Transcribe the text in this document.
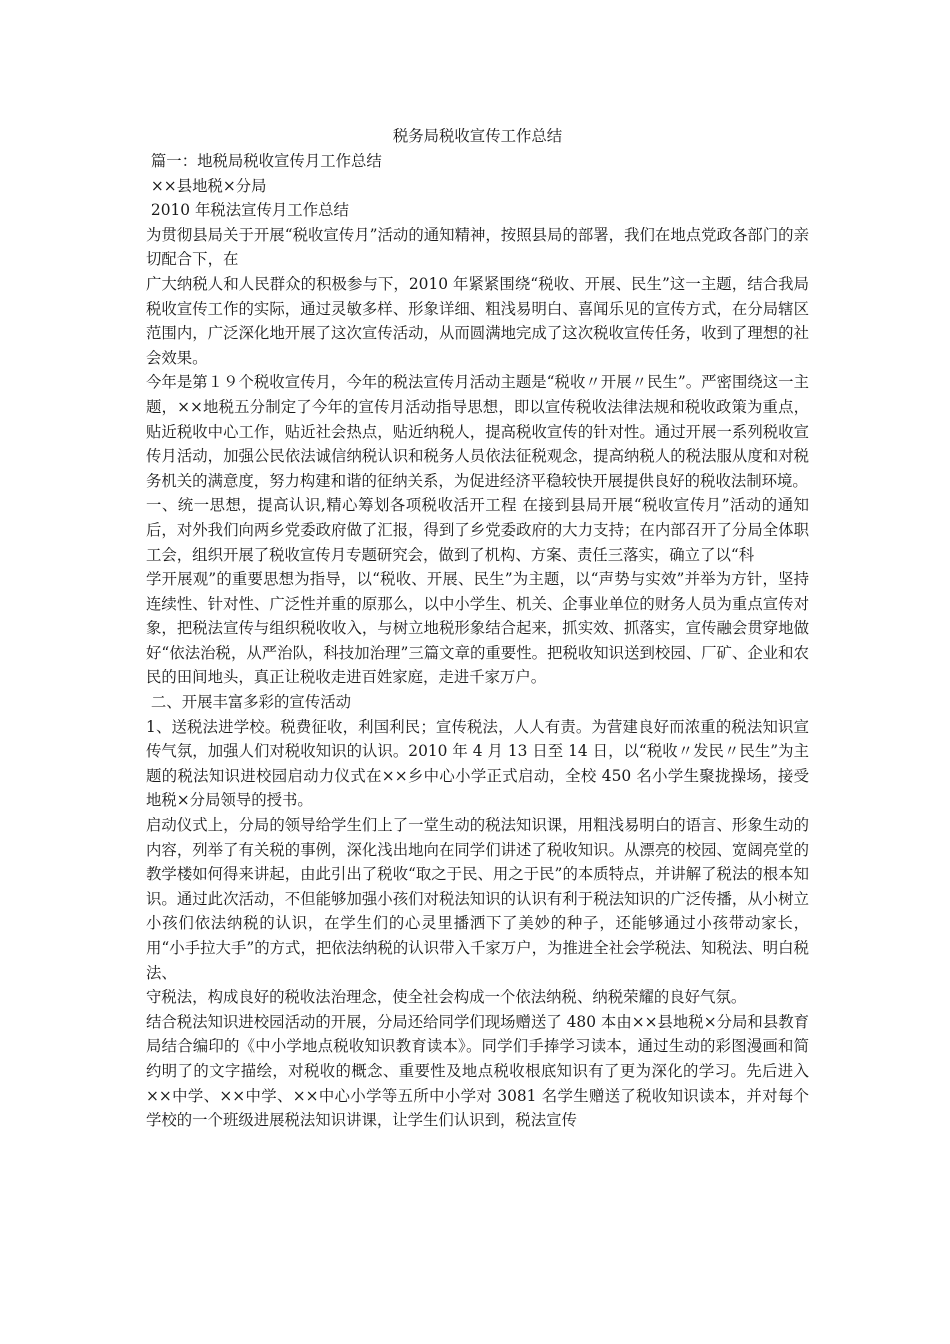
税务局税收宣传工作总结

篇一：地税局税收宣传月工作总结

××县地税×分局

2010 年税法宣传月工作总结

为贯彻县局关于开展“税收宣传月”活动的通知精神，按照县局的部署，我们在地点党政各部门的亲切配合下，在

广大纳税人和人民群众的积极参与下，2010 年紧紧围绕“税收、开展、民生”这一主题，结合我局税收宣传工作的实际，通过灵敏多样、形象详细、粗浅易明白、喜闻乐见的宣传方式，在分局辖区范围内，广泛深化地开展了这次宣传活动，从而圆满地完成了这次税收宣传任务，收到了理想的社会效果。

今年是第１９个税收宣传月，今年的税法宣传月活动主题是“税收〃开展〃民生”。严密围绕这一主题，××地税五分制定了今年的宣传月活动指导思想，即以宣传税收法律法规和税收政策为重点，贴近税收中心工作，贴近社会热点，贴近纳税人，提高税收宣传的针对性。通过开展一系列税收宣传月活动，加强公民依法诚信纳税认识和税务人员依法征税观念，提高纳税人的税法服从度和对税务机关的满意度，努力构建和谐的征纳关系，为促进经济平稳较快开展提供良好的税收法制环境。

一、统一思想，提高认识,精心筹划各项税收活开工程 在接到县局开展“税收宣传月”活动的通知后，对外我们向两乡党委政府做了汇报，得到了乡党委政府的大力支持；在内部召开了分局全体职工会，组织开展了税收宣传月专题研究会，做到了机构、方案、责任三落实，确立了以“科

学开展观”的重要思想为指导，以“税收、开展、民生”为主题，以“声势与实效”并举为方针，坚持连续性、针对性、广泛性并重的原那么，以中小学生、机关、企事业单位的财务人员为重点宣传对象，把税法宣传与组织税收收入，与树立地税形象结合起来，抓实效、抓落实，宣传融会贯穿地做好“依法治税，从严治队，科技加治理”三篇文章的重要性。把税收知识送到校园、厂矿、企业和农民的田间地头，真正让税收走进百姓家庭，走进千家万户。

二、开展丰富多彩的宣传活动

1、送税法进学校。税费征收，利国利民；宣传税法，人人有责。为营建良好而浓重的税法知识宣传气氛，加强人们对税收知识的认识。2010 年 4 月 13 日至 14 日，以“税收〃发民〃民生”为主题的税法知识进校园启动力仪式在××乡中心小学正式启动，全校 450 名小学生聚拢操场，接受地税×分局领导的授书。

启动仪式上，分局的领导给学生们上了一堂生动的税法知识课，用粗浅易明白的语言、形象生动的内容，列举了有关税的事例，深化浅出地向在同学们讲述了税收知识。从漂亮的校园、宽阔亮堂的教学楼如何得来讲起，由此引出了税收“取之于民、用之于民”的本质特点，并讲解了税法的根本知识。通过此次活动，不但能够加强小孩们对税法知识的认识有利于税法知识的广泛传播，从小树立小孩们依法纳税的认识，在学生们的心灵里播洒下了美妙的种子，还能够通过小孩带动家长，用“小手拉大手”的方式，把依法纳税的认识带入千家万户，为推进全社会学税法、知税法、明白税法、

守税法，构成良好的税收法治理念，使全社会构成一个依法纳税、纳税荣耀的良好气氛。

结合税法知识进校园活动的开展，分局还给同学们现场赠送了 480 本由××县地税×分局和县教育局结合编印的《中小学地点税收知识教育读本》。同学们手捧学习读本，通过生动的彩图漫画和简约明了的文字描绘，对税收的概念、重要性及地点税收根底知识有了更为深化的学习。先后进入××中学、××中学、××中心小学等五所中小学对 3081 名学生赠送了税收知识读本，并对每个学校的一个班级进展税法知识讲课，让学生们认识到，税法宣传
